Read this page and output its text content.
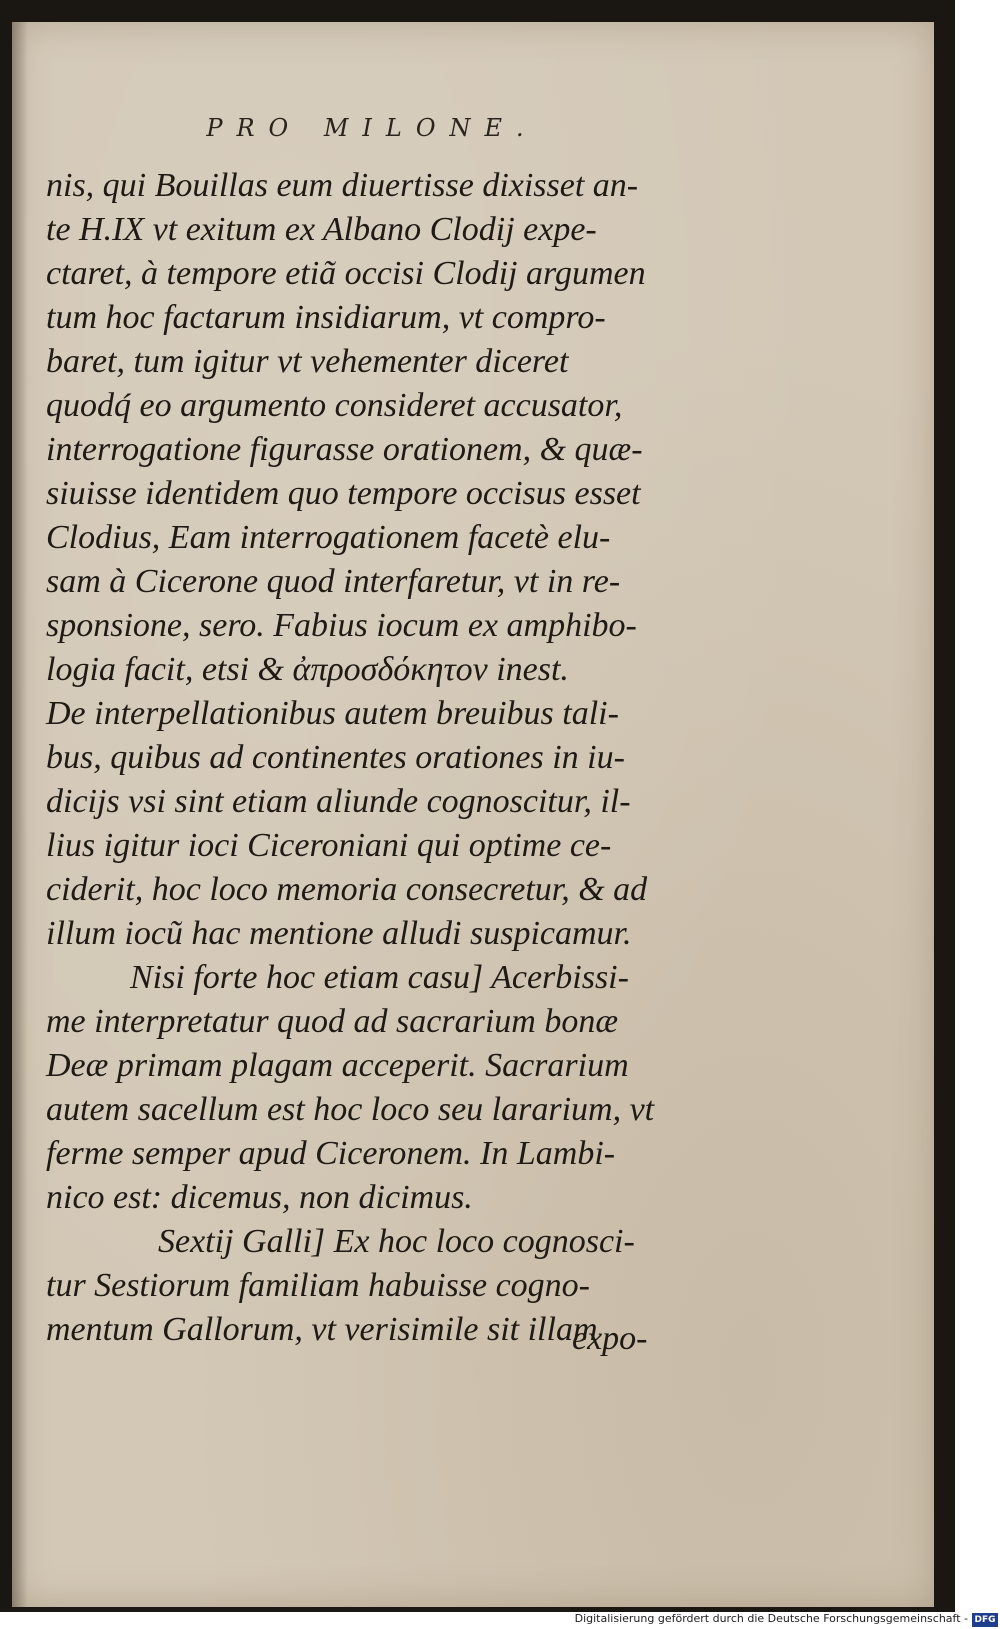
PRO MILONE.
nis, qui Bouillas eum diuertisse dixisset an-
te H.IX vt exitum ex Albano Clodij expe-
ctaret, à tempore etiã occisi Clodij argumen
tum hoc factarum insidiarum, vt compro-
baret, tum igitur vt vehementer diceret
quodq́ eo argumento consideret accusator,
interrogatione figurasse orationem, & quæ-
siuisse identidem quo tempore occisus esset
Clodius, Eam interrogationem facetè elu-
sam à Cicerone quod interfaretur, vt in re-
sponsione, sero. Fabius iocum ex amphibo-
logia facit, etsi & ἀπροσδόκητον inest.
De interpellationibus autem breuibus tali-
bus, quibus ad continentes orationes in iu-
dicijs vsi sint etiam aliunde cognoscitur, il-
lius igitur ioci Ciceroniani qui optime ce-
ciderit, hoc loco memoria consecretur, & ad
illum iocũ hac mentione alludi suspicamur.
Nisi forte hoc etiam casu] Acerbissi-
me interpretatur quod ad sacrarium bonæ
Deæ primam plagam acceperit. Sacrarium
autem sacellum est hoc loco seu lararium, vt
ferme semper apud Ciceronem. In Lambi-
nico est: dicemus, non dicimus.
Sextij Galli] Ex hoc loco cognosci-
tur Sestiorum familiam habuisse cogno-
mentum Gallorum, vt verisimile sit illam
expo-
Digitalisierung gefördert durch die Deutsche Forschungsgemeinschaft - DFG
